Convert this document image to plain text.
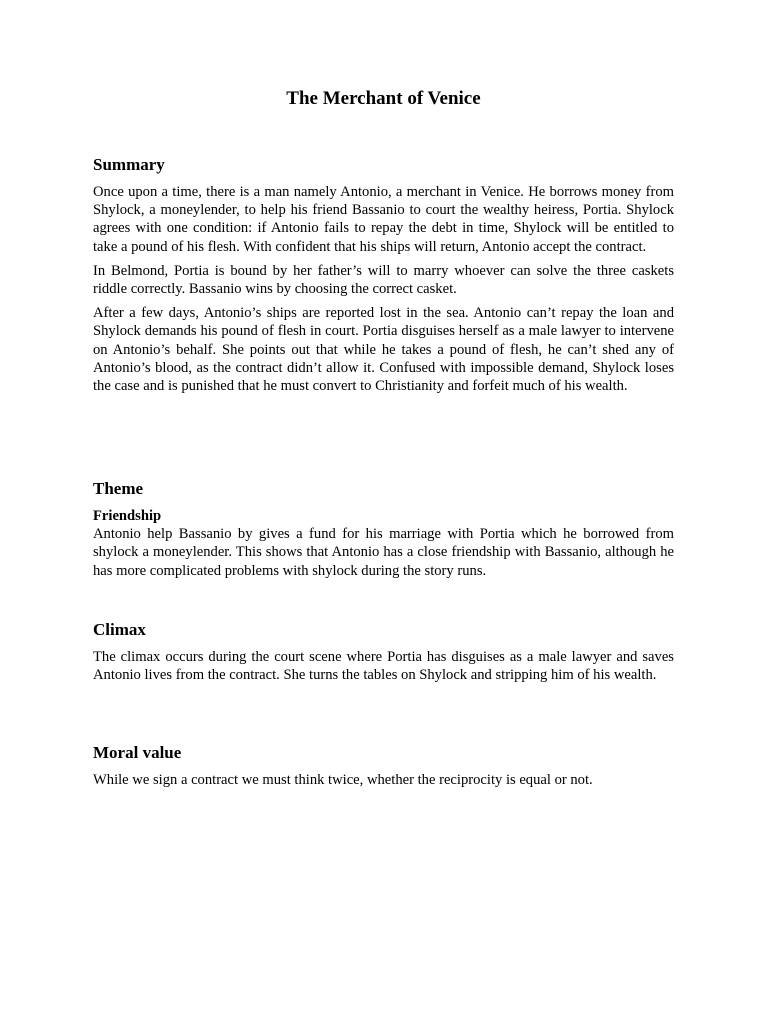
The Merchant of Venice
Summary

Once upon a time, there is a man namely Antonio, a merchant in Venice. He borrows money from Shylock, a moneylender, to help his friend Bassanio to court the wealthy heiress, Portia. Shylock agrees with one condition: if Antonio fails to repay the debt in time, Shylock will be entitled to take a pound of his flesh. With confident that his ships will return, Antonio accept the contract.

In Belmond, Portia is bound by her father’s will to marry whoever can solve the three caskets riddle correctly. Bassanio wins by choosing the correct casket.

After a few days, Antonio’s ships are reported lost in the sea. Antonio can’t repay the loan and Shylock demands his pound of flesh in court. Portia disguises herself as a male lawyer to intervene on Antonio’s behalf. She points out that while he takes a pound of flesh, he can’t shed any of Antonio’s blood, as the contract didn’t allow it. Confused with impossible demand, Shylock loses the case and is punished that he must convert to Christianity and forfeit much of his wealth.

Theme

Friendship

Antonio help Bassanio by gives a fund for his marriage with Portia which he borrowed from shylock a moneylender. This shows that Antonio has a close friendship with Bassanio, although he has more complicated problems with shylock during the story runs.

Climax

The climax occurs during the court scene where Portia has disguises as a male lawyer and saves Antonio lives from the contract. She turns the tables on Shylock and stripping him of his wealth.

Moral value

While we sign a contract we must think twice, whether the reciprocity is equal or not.
